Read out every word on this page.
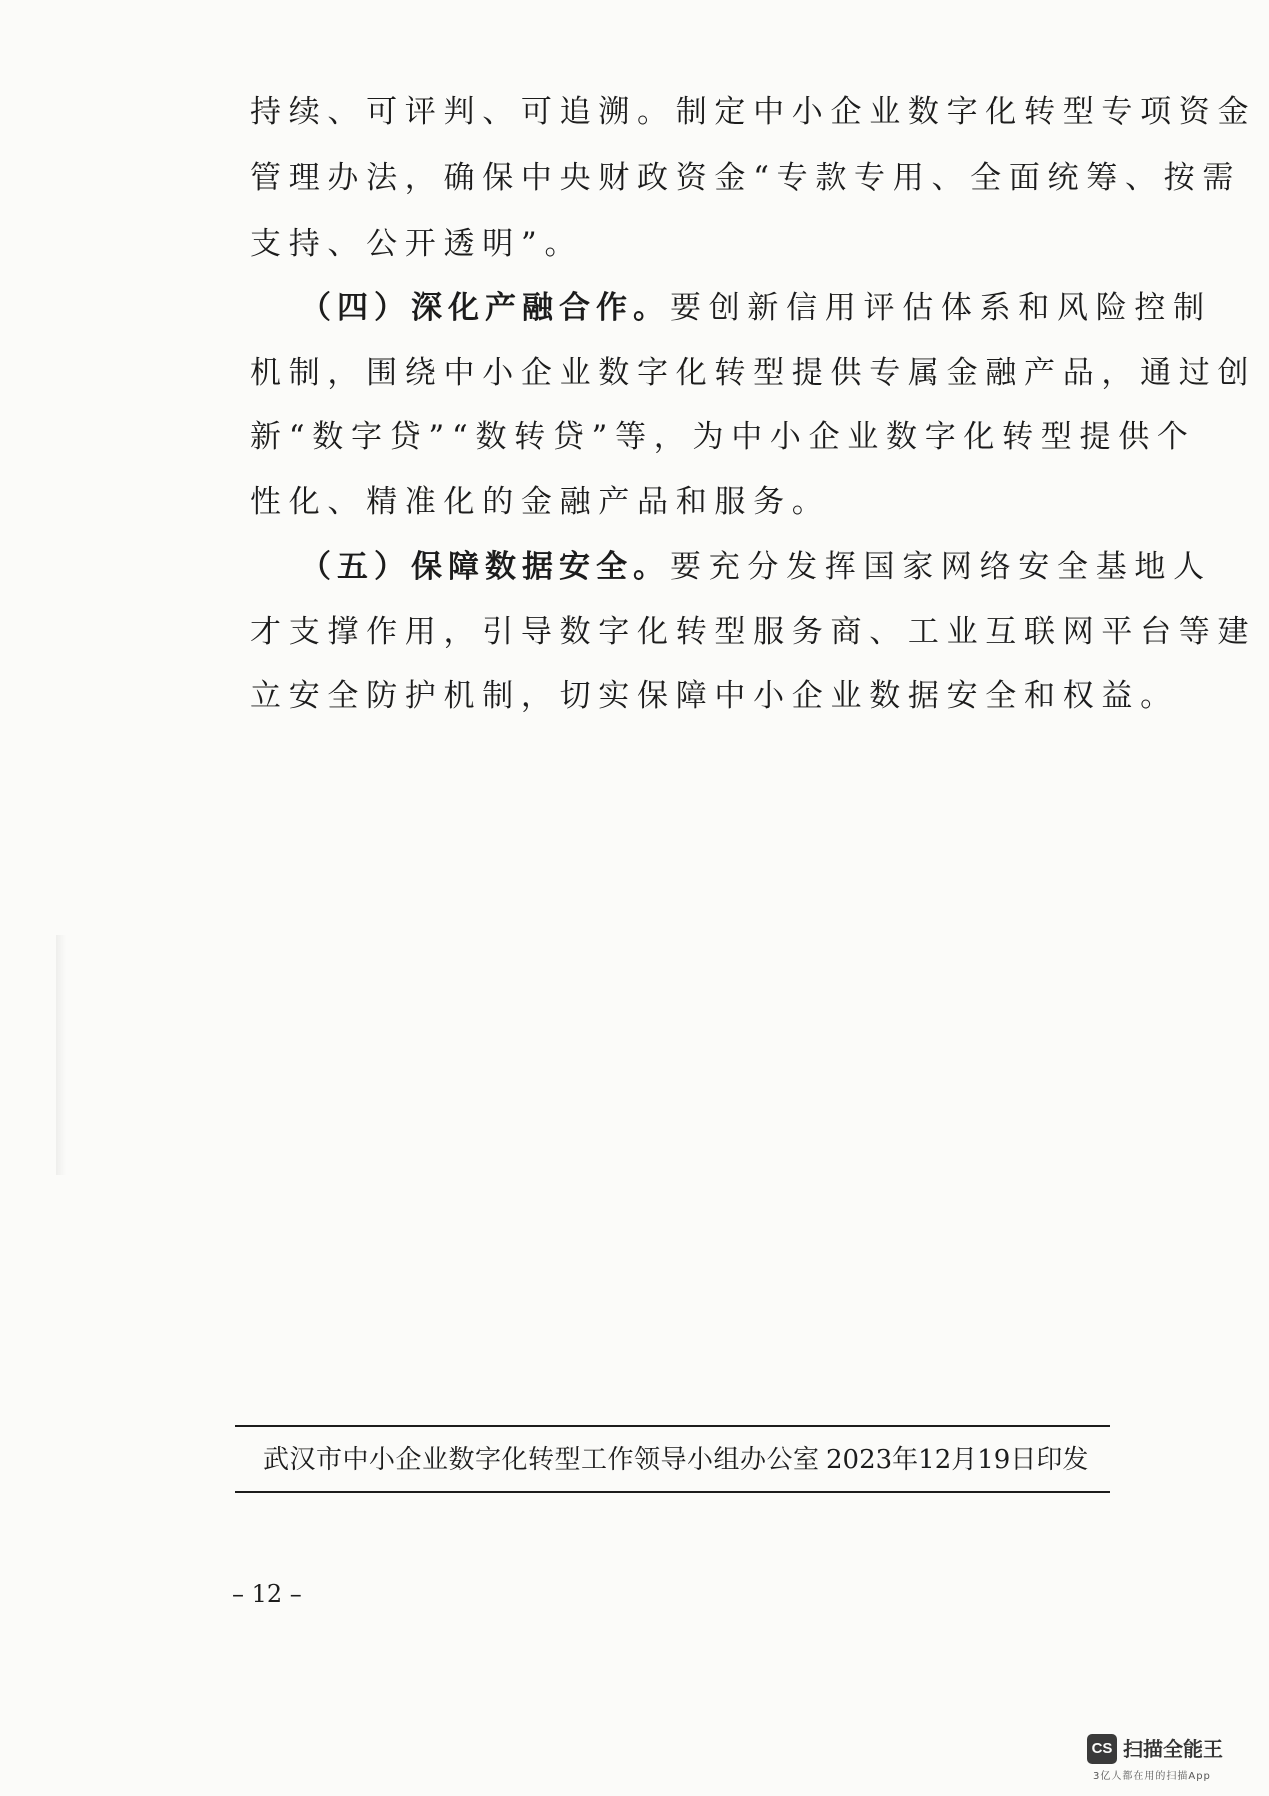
持续、可评判、可追溯。制定中小企业数字化转型专项资金
管理办法，确保中央财政资金“专款专用、全面统筹、按需
支持、公开透明”。
（四）深化产融合作。要创新信用评估体系和风险控制
机制，围绕中小企业数字化转型提供专属金融产品，通过创
新“数字贷”“数转贷”等，为中小企业数字化转型提供个
性化、精准化的金融产品和服务。
（五）保障数据安全。要充分发挥国家网络安全基地人
才支撑作用，引导数字化转型服务商、工业互联网平台等建
立安全防护机制，切实保障中小企业数据安全和权益。
武汉市中小企业数字化转型工作领导小组办公室 2023年12月19日印发
– 12 –
CS 扫描全能王
3亿人都在用的扫描App
